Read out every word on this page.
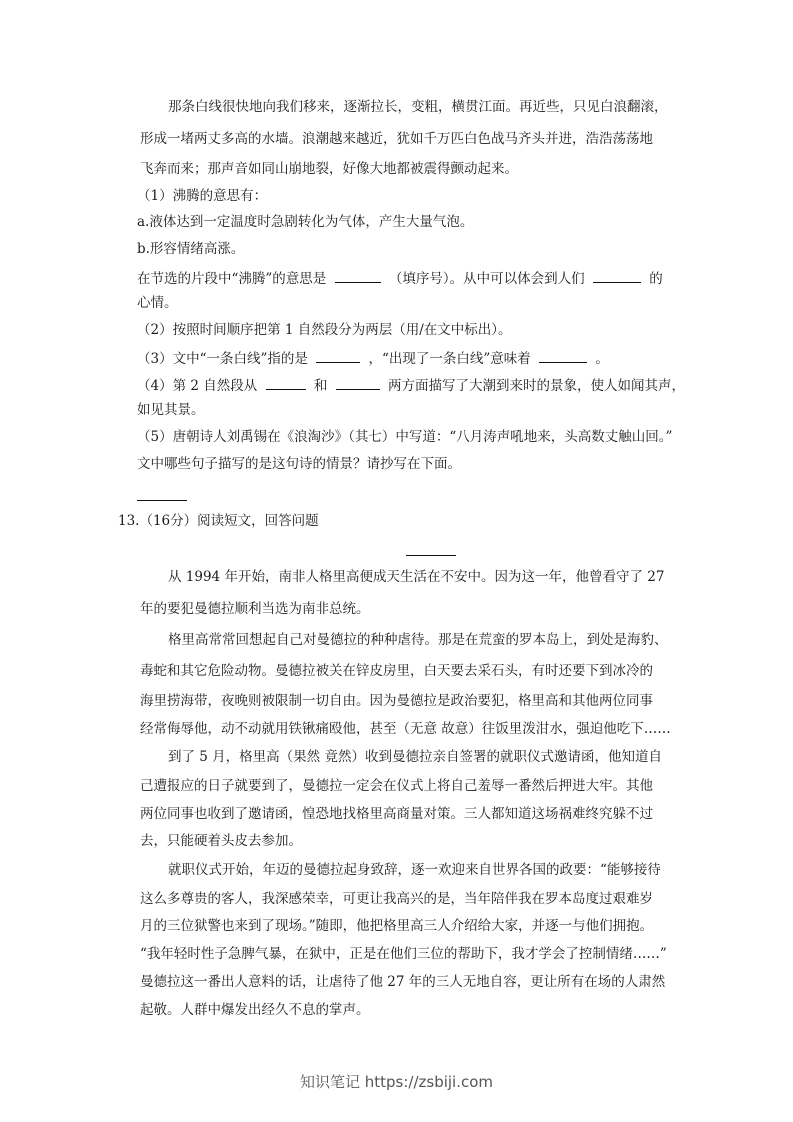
那条白线很快地向我们移来，逐渐拉长，变粗，横贯江面。再近些，只见白浪翻滚，
形成一堵两丈多高的水墙。浪潮越来越近，犹如千万匹白色战马齐头并进，浩浩荡荡地
飞奔而来；那声音如同山崩地裂，好像大地都被震得颤动起来。
（1）沸腾的意思有：
a.液体达到一定温度时急剧转化为气体，产生大量气泡。
b.形容情绪高涨。
在节选的片段中“沸腾”的意思是	（填序号）。从中可以体会到人们	的
心情。
（2）按照时间顺序把第 1 自然段分为两层（用/在文中标出）。
（3）文中“一条白线”指的是	，“出现了一条白线”意味着	。
（4）第 2 自然段从	和	两方面描写了大潮到来时的景象，使人如闻其声，
如见其景。
（5）唐朝诗人刘禹锡在《浪淘沙》（其七）中写道：“八月涛声吼地来，头高数丈触山回。”
文中哪些句子描写的是这句诗的情景？请抄写在下面。
13.（16分）阅读短文，回答问题
从 1994 年开始，南非人格里高便成天生活在不安中。因为这一年，他曾看守了 27
年的要犯曼德拉顺利当选为南非总统。
格里高常常回想起自己对曼德拉的种种虐待。那是在荒蛮的罗本岛上，到处是海豹、
毒蛇和其它危险动物。曼德拉被关在锌皮房里，白天要去采石头，有时还要下到冰冷的
海里捞海带，夜晚则被限制一切自由。因为曼德拉是政治要犯，格里高和其他两位同事
经常侮辱他，动不动就用铁锹痛殴他，甚至（无意 故意）往饭里泼泔水，强迫他吃下……
到了 5 月，格里高（果然 竟然）收到曼德拉亲自签署的就职仪式邀请函，他知道自
己遭报应的日子就要到了，曼德拉一定会在仪式上将自己羞辱一番然后押进大牢。其他
两位同事也收到了邀请函，惶恐地找格里高商量对策。三人都知道这场祸难终究躲不过
去，只能硬着头皮去参加。
就职仪式开始，年迈的曼德拉起身致辞，逐一欢迎来自世界各国的政要：“能够接待
这么多尊贵的客人，我深感荣幸，可更让我高兴的是，当年陪伴我在罗本岛度过艰难岁
月的三位狱警也来到了现场。”随即，他把格里高三人介绍给大家，并逐一与他们拥抱。
“我年轻时性子急脾气暴，在狱中，正是在他们三位的帮助下，我才学会了控制情绪……”
曼德拉这一番出人意料的话，让虐待了他 27 年的三人无地自容，更让所有在场的人肃然
起敬。人群中爆发出经久不息的掌声。
知识笔记 https://zsbiji.com
